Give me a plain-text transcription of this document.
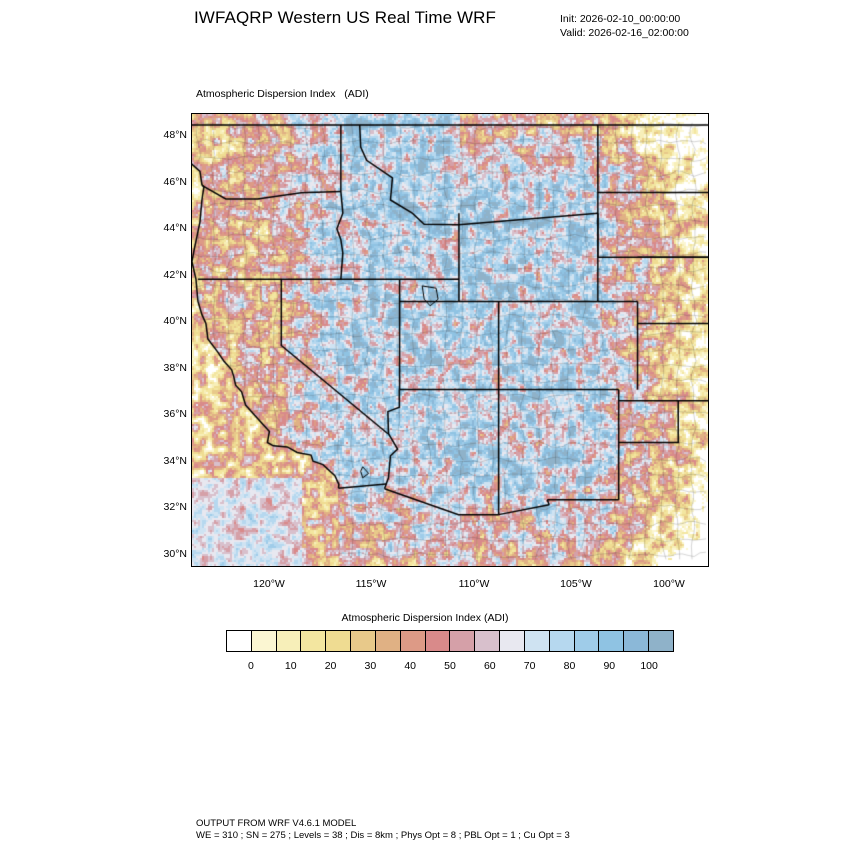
IWFAQRP Western US Real Time WRF	Init: 2026-02-10_00:00:00
Valid: 2026-02-16_02:00:00
Atmospheric Dispersion Index   (ADI)
48°N
46°N
44°N
42°N
40°N
38°N
36°N
34°N
32°N
30°N
120°W	115°W	110°W	105°W	100°W
Atmospheric Dispersion Index (ADI)
0	10	20	30	40	50	60	70	80	90	100
OUTPUT FROM WRF V4.6.1 MODEL
WE = 310 ; SN = 275 ; Levels = 38 ; Dis = 8km ; Phys Opt = 8 ; PBL Opt = 1 ; Cu Opt = 3
